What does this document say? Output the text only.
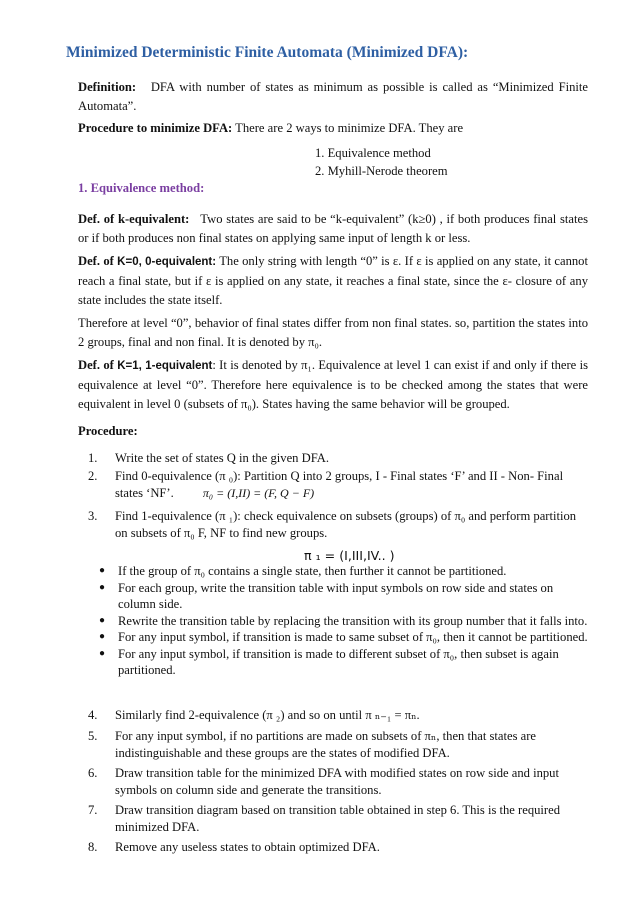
Minimized Deterministic Finite Automata (Minimized DFA):
Definition: DFA with number of states as minimum as possible is called as “Minimized Finite Automata”.
Procedure to minimize DFA: There are 2 ways to minimize DFA. They are
1. Equivalence method
2. Myhill-Nerode theorem
1. Equivalence method:
Def. of k-equivalent: Two states are said to be “k-equivalent” (k≥0) , if both produces final states or if both produces non final states on applying same input of length k or less.
Def. of K=0, 0-equivalent: The only string with length “0” is ε. If ε is applied on any state, it cannot reach a final state, but if ε is applied on any state, it reaches a final state, since the ε- closure of any state includes the state itself.
Therefore at level “0”, behavior of final states differ from non final states. so, partition the states into 2 groups, final and non final. It is denoted by π₀.
Def. of K=1, 1-equivalent: It is denoted by π₁. Equivalence at level 1 can exist if and only if there is equivalence at level “0”. Therefore here equivalence is to be checked among the states that were equivalent in level 0 (subsets of π₀). States having the same behavior will be grouped.
Procedure:
1. Write the set of states Q in the given DFA.
2. Find 0-equivalence (π ₀): Partition Q into 2 groups, I - Final states ‘F’ and II - Non- Final states ‘NF’. π₀ = (I,II) = (F, Q − F)
3. Find 1-equivalence (π ₁): check equivalence on subsets (groups) of π₀ and perform partition on subsets of π₀ F, NF to find new groups.
π ₁ = (I,III,IV.. )
● If the group of π₀ contains a single state, then further it cannot be partitioned.
● For each group, write the transition table with input symbols on row side and states on column side.
● Rewrite the transition table by replacing the transition with its group number that it falls into.
● For any input symbol, if transition is made to same subset of π₀, then it cannot be partitioned.
● For any input symbol, if transition is made to different subset of π₀, then subset is again partitioned.
4. Similarly find 2-equivalence (π ₂) and so on until π ₙ₋₁ = πₙ.
5. For any input symbol, if no partitions are made on subsets of πₙ, then that states are indistinguishable and these groups are the states of modified DFA.
6. Draw transition table for the minimized DFA with modified states on row side and input symbols on column side and generate the transitions.
7. Draw transition diagram based on transition table obtained in step 6. This is the required minimized DFA.
8. Remove any useless states to obtain optimized DFA.
